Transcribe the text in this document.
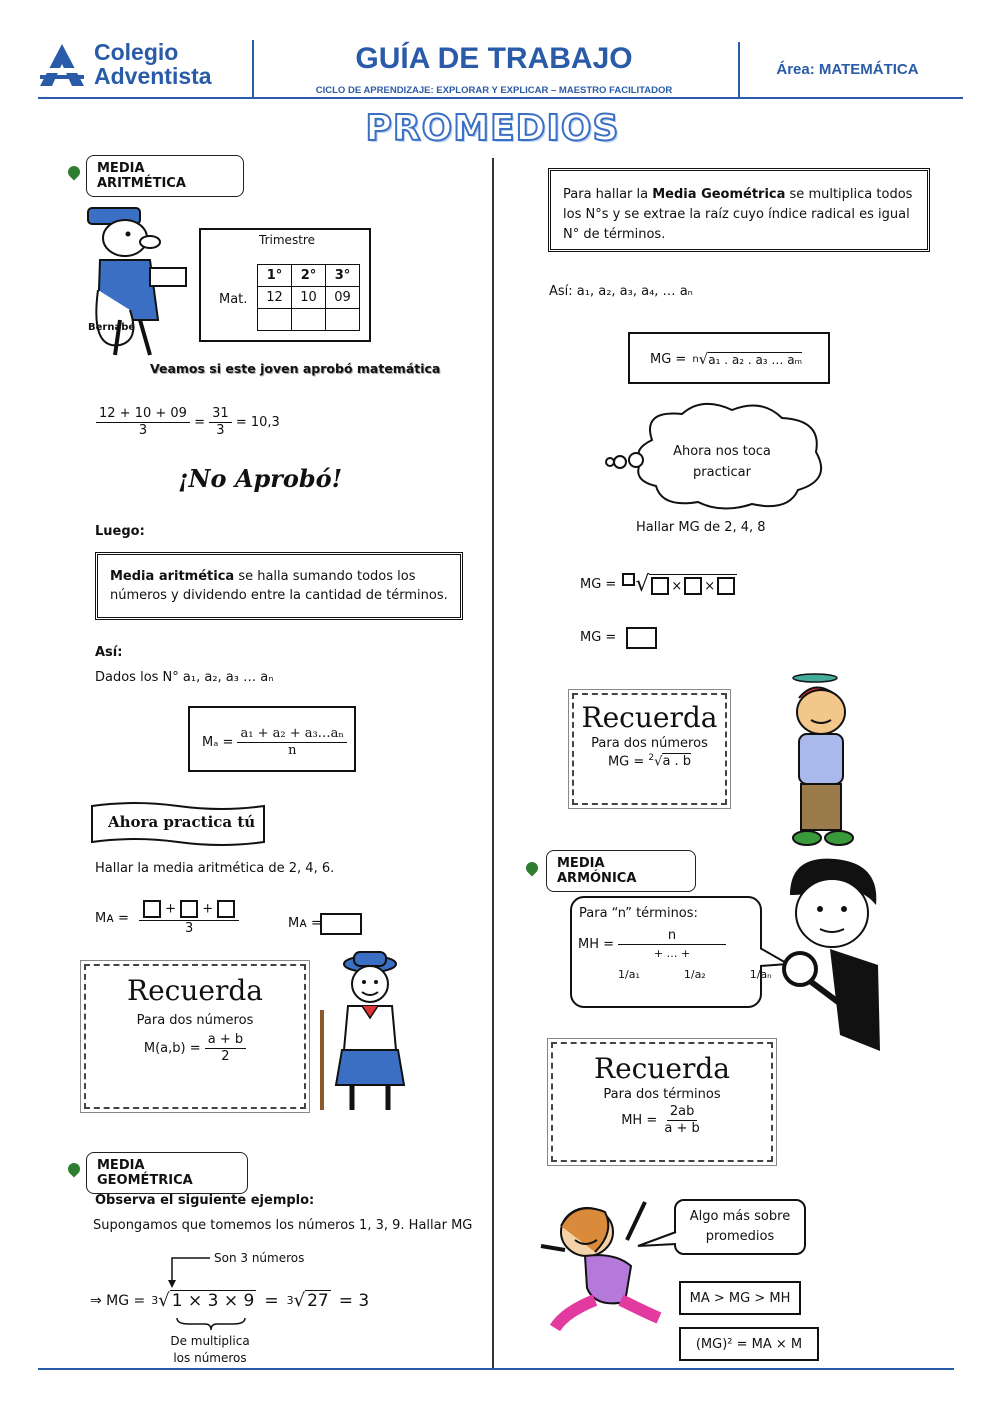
Colegio
Adventista
GUÍA DE TRABAJO
CICLO DE APRENDIZAJE: EXPLORAR Y EXPLICAR – MAESTRO FACILITADOR
Área: MATEMÁTICA
PROMEDIOS
MEDIA ARITMÉTICA
Bernabé
Trimestre
Mat.
1°	2°	3°
12	10	09

Veamos si este joven aprobó matemática
$\frac{12 + 10 + 09}{3} = \frac{31}{3} = 10,3$
¡No Aprobó!
Luego:
Media aritmética se halla sumando todos los números y dividendo entre la cantidad de términos.
Así:
Dados los N° a₁, a₂, a₃ … aₙ
$M_a = \frac{\text{a₁ + a₂ + a₃…aₙ}}{n}$
Ahora practica tú
Hallar la media aritmética de 2, 4, 6.
Mᴀ = $\frac{+ +}{3}$	Mᴀ =
Recuerda
Para dos números
$M(a,b) = \frac{a + b}{2}$
MEDIA GEOMÉTRICA
Observa el siguiente ejemplo:
Supongamos que tomemos los números 1, 3, 9. Hallar MG
Son 3 números
⇒ MG = 3 √ 1 × 3 × 9 = 3 √ 27 = 3
De multiplica los números
Para hallar la Media Geométrica se multiplica todos los N°s y se extrae la raíz cuyo índice radical es igual N° de términos.
Así: a₁, a₂, a₃, a₄, … aₙ
MG = n √ a₁ . a₂ . a₃ … aₘ
Ahora nos toca practicar
Hallar MG de 2, 4, 8
MG = √ × ×
MG =
Recuerda
Para dos números
MG = $^2$√a . b
MEDIA ARMÓNICA
Para “n” términos:
MH = $\frac{n}{+ \dots +}$
1/a₁	1/a₂	1/aₙ
Recuerda
Para dos términos
MH = $\frac{2ab}{a + b}$
Algo más sobre promedios
MA > MG > MH
(MG)² = MA × M
